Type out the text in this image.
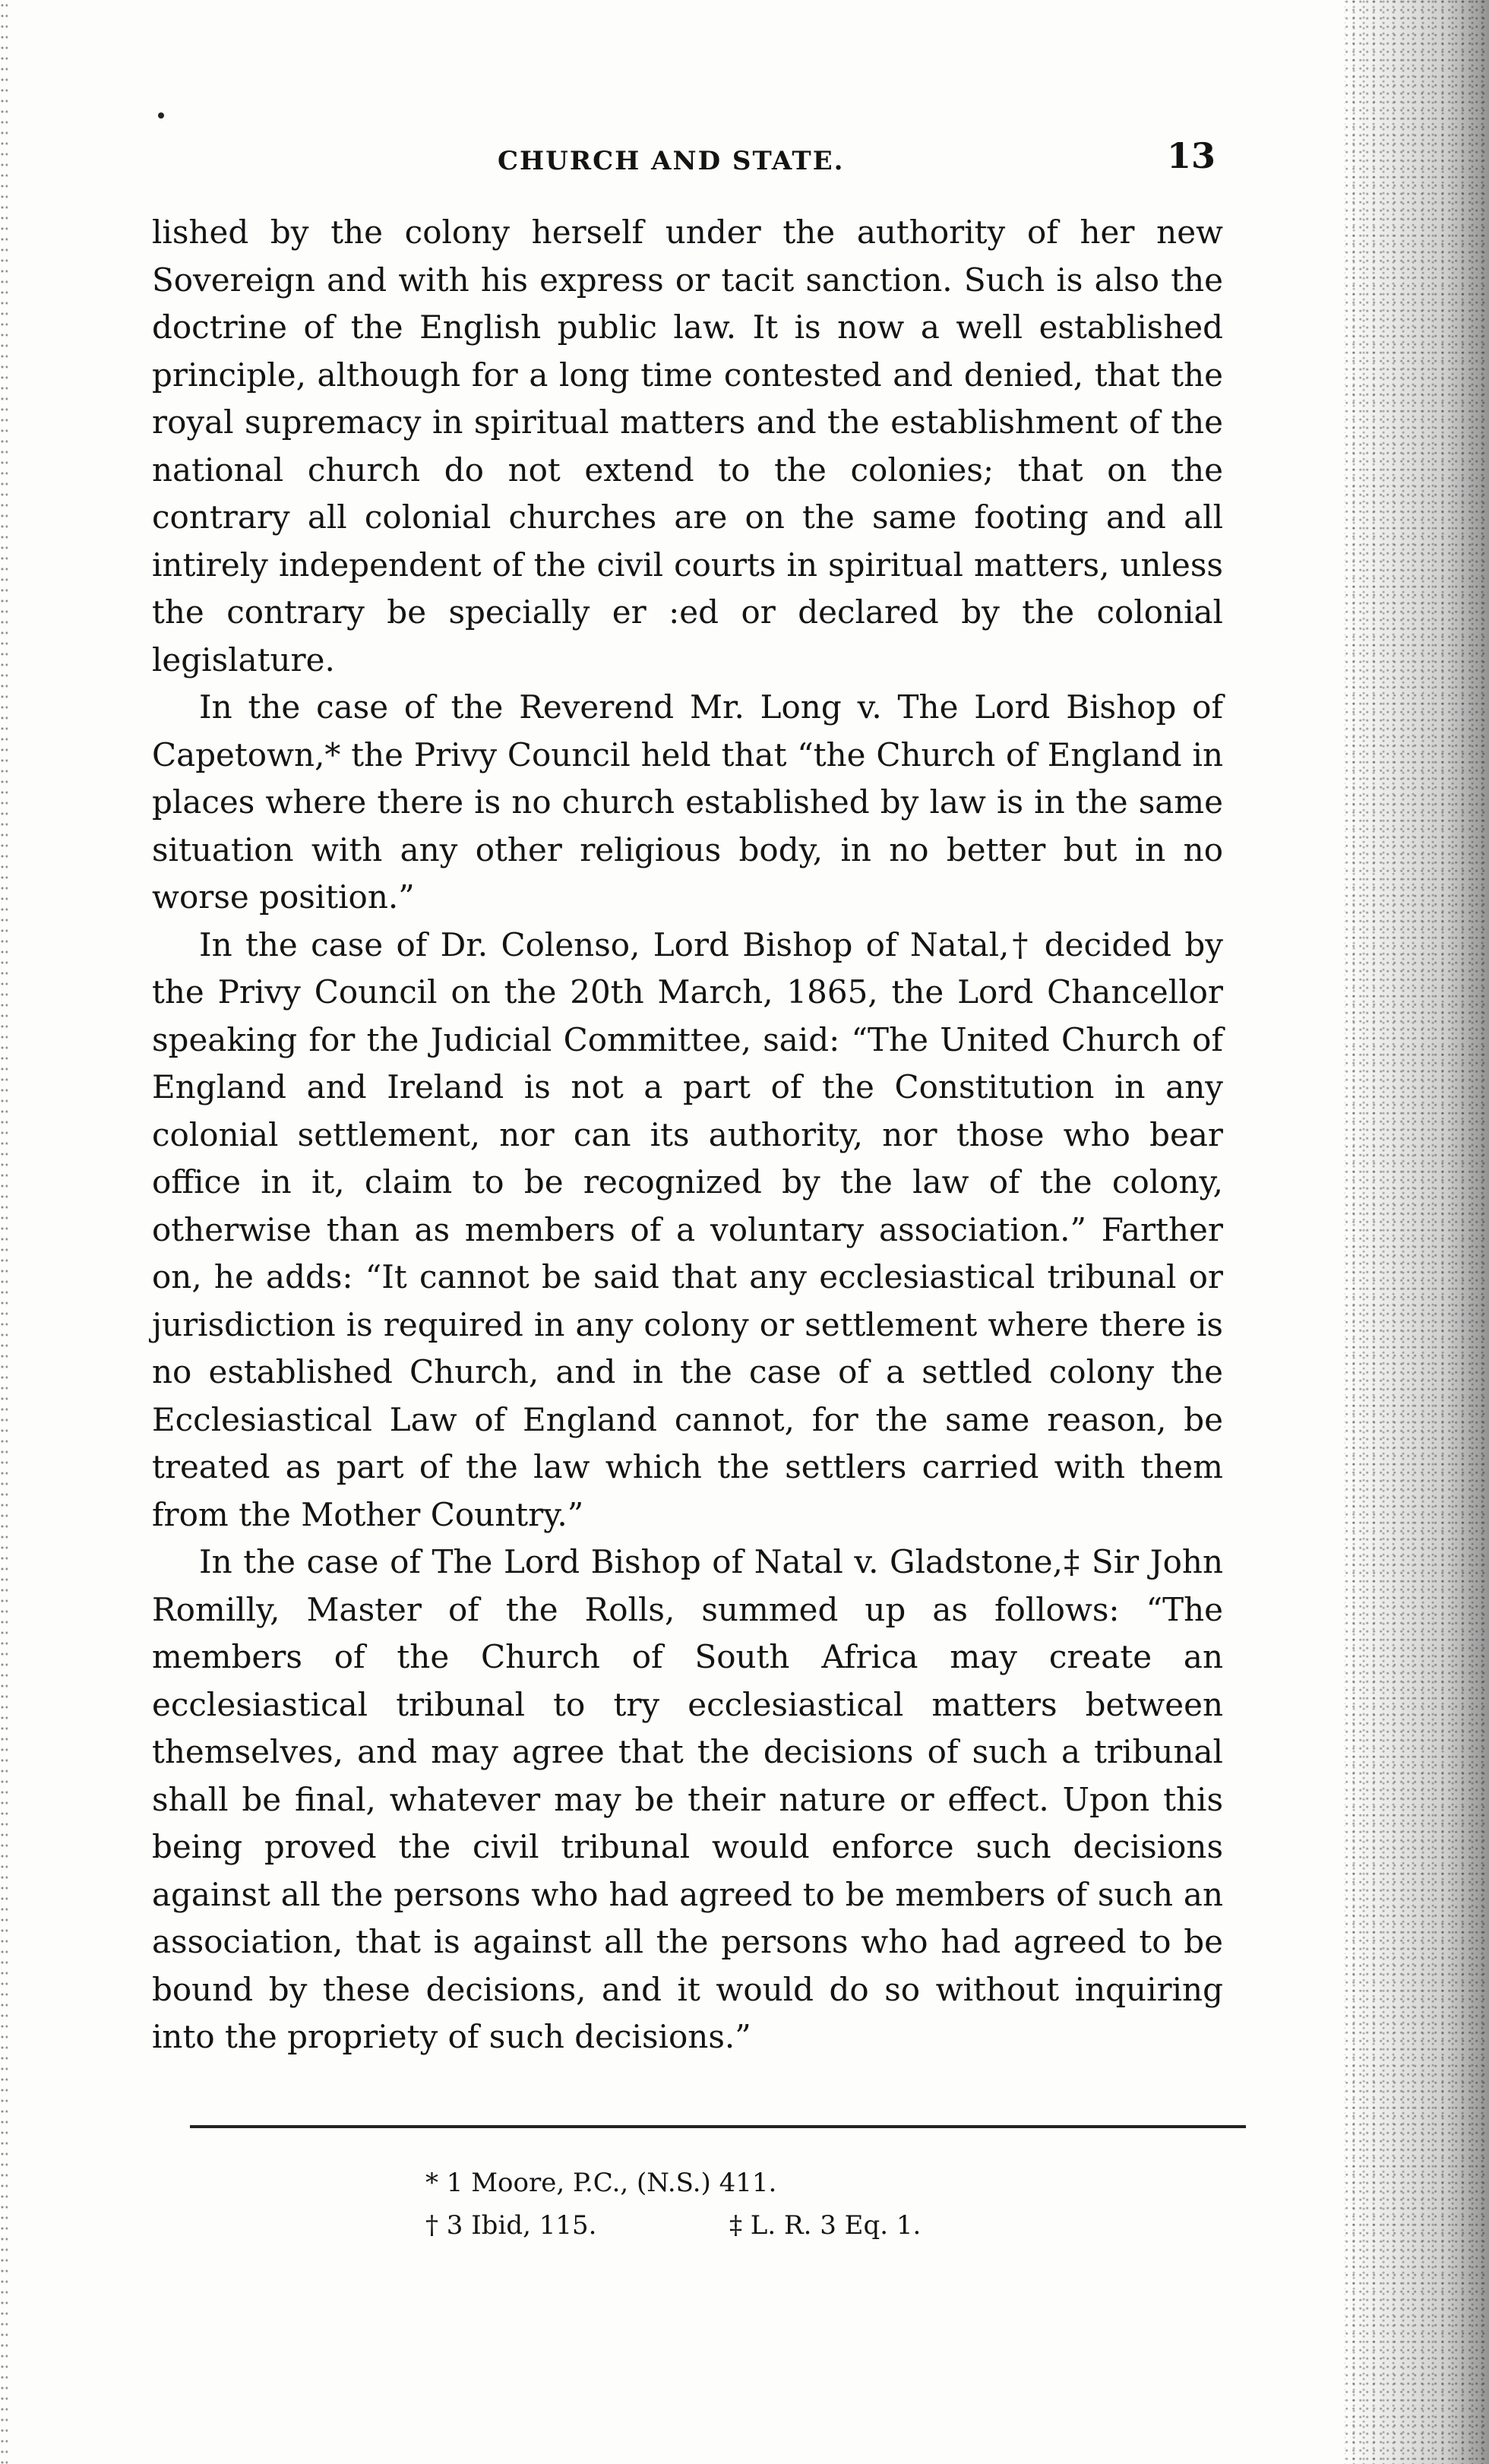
CHURCH AND STATE.	13

lished by the colony herself under the authority of her new Sovereign and with his express or tacit sanction. Such is also the doctrine of the English public law. It is now a well established principle, although for a long time contested and denied, that the royal supremacy in spiritual matters and the establishment of the national church do not extend to the colonies; that on the contrary all colonial churches are on the same footing and all intirely independent of the civil courts in spiritual matters, unless the contrary be specially er :ed or declared by the colonial legislature.

In the case of the Reverend Mr. Long v. The Lord Bishop of Capetown,* the Privy Council held that “the Church of England in places where there is no church established by law is in the same situation with any other religious body, in no better but in no worse position.”

In the case of Dr. Colenso, Lord Bishop of Natal,† decided by the Privy Council on the 20th March, 1865, the Lord Chancellor speaking for the Judicial Committee, said: “The United Church of England and Ireland is not a part of the Constitution in any colonial settlement, nor can its authority, nor those who bear office in it, claim to be recognized by the law of the colony, otherwise than as members of a voluntary association.” Farther on, he adds: “It cannot be said that any ecclesiastical tribunal or jurisdiction is required in any colony or settlement where there is no established Church, and in the case of a settled colony the Ecclesiastical Law of England cannot, for the same reason, be treated as part of the law which the settlers carried with them from the Mother Country.”

In the case of The Lord Bishop of Natal v. Gladstone,‡ Sir John Romilly, Master of the Rolls, summed up as follows: “The members of the Church of South Africa may create an ecclesiastical tribunal to try ecclesiastical matters between themselves, and may agree that the decisions of such a tribunal shall be final, whatever may be their nature or effect. Upon this being proved the civil tribunal would enforce such decisions against all the persons who had agreed to be members of such an association, that is against all the persons who had agreed to be bound by these decisions, and it would do so without inquiring into the propriety of such decisions.”

* 1 Moore, P.C., (N.S.) 411.
† 3 Ibid, 115.	‡ L. R. 3 Eq. 1.
